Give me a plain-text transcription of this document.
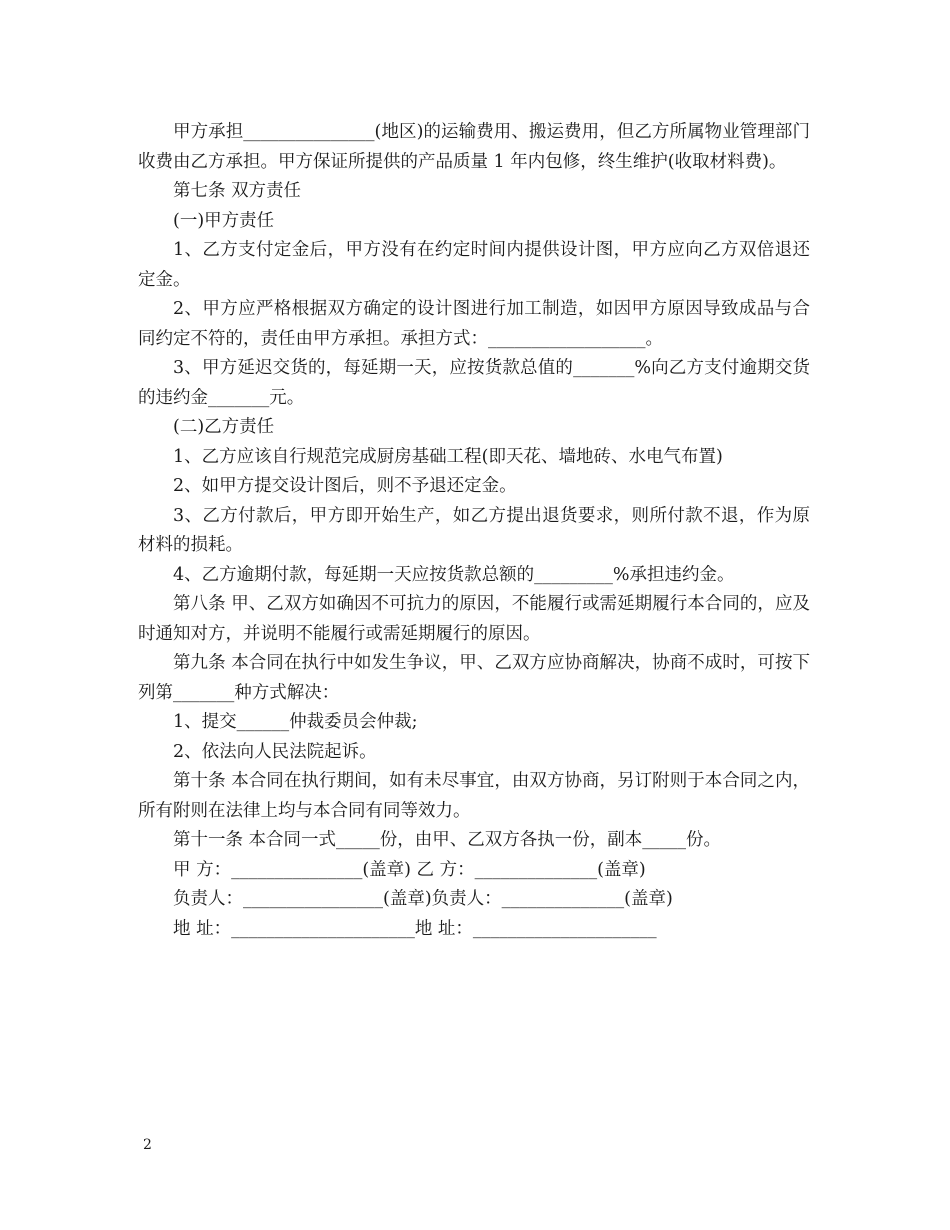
甲方承担_______________(地区)的运输费用、搬运费用，但乙方所属物业管理部门收费由乙方承担。甲方保证所提供的产品质量 1 年内包修，终生维护(收取材料费)。

第七条 双方责任

(一)甲方责任

1、乙方支付定金后，甲方没有在约定时间内提供设计图，甲方应向乙方双倍退还定金。

2、甲方应严格根据双方确定的设计图进行加工制造，如因甲方原因导致成品与合同约定不符的，责任由甲方承担。承担方式：__________________。

3、甲方延迟交货的，每延期一天，应按货款总值的_______%向乙方支付逾期交货的违约金_______元。

(二)乙方责任

1、乙方应该自行规范完成厨房基础工程(即天花、墙地砖、水电气布置)

2、如甲方提交设计图后，则不予退还定金。

3、乙方付款后，甲方即开始生产，如乙方提出退货要求，则所付款不退，作为原材料的损耗。

4、乙方逾期付款，每延期一天应按货款总额的_________%承担违约金。

第八条 甲、乙双方如确因不可抗力的原因，不能履行或需延期履行本合同的，应及时通知对方，并说明不能履行或需延期履行的原因。

第九条 本合同在执行中如发生争议，甲、乙双方应协商解决，协商不成时，可按下列第_______种方式解决：

1、提交______仲裁委员会仲裁;

2、依法向人民法院起诉。

第十条 本合同在执行期间，如有未尽事宜，由双方协商，另订附则于本合同之内，所有附则在法律上均与本合同有同等效力。

第十一条 本合同一式_____份，由甲、乙双方各执一份，副本_____份。

甲 方：_______________(盖章) 乙 方：______________(盖章)

负责人：________________(盖章)负责人：______________(盖章)

地 址：_____________________地 址：_____________________

2
